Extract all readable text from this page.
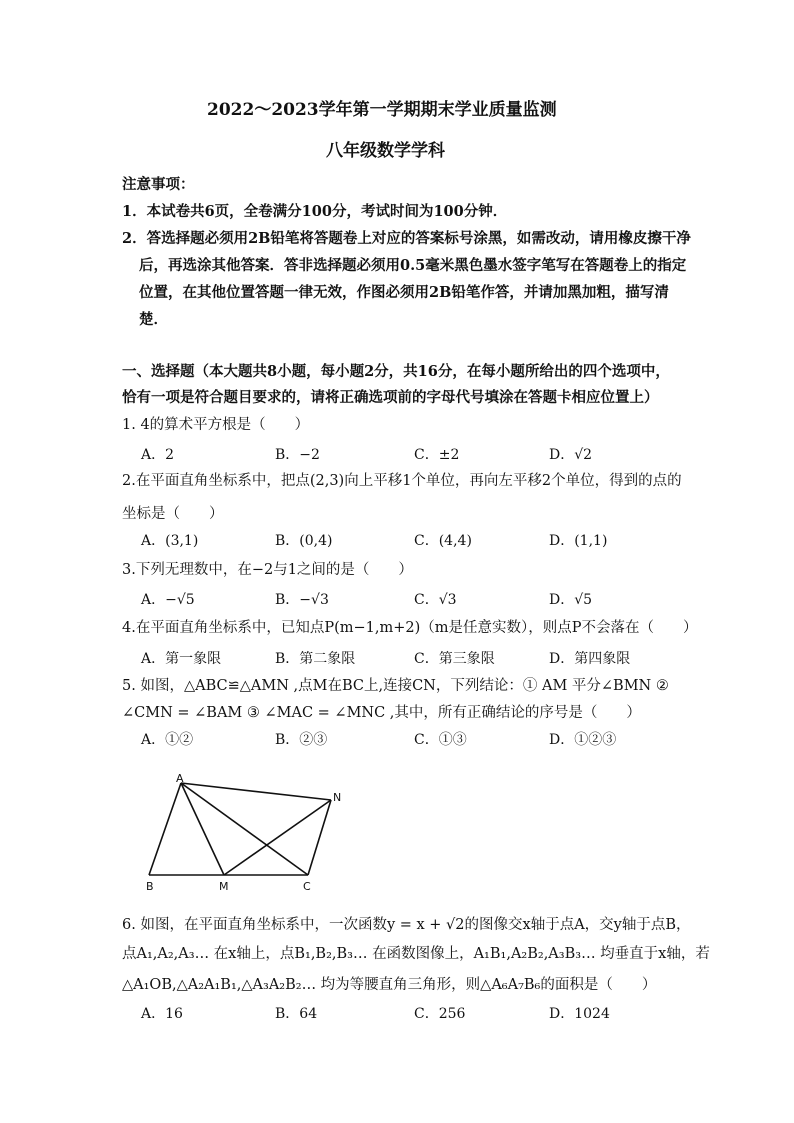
2022～2023学年第一学期期末学业质量监测
八年级数学学科
注意事项：
1．本试卷共6页，全卷满分100分，考试时间为100分钟．
2．答选择题必须用2B铅笔将答题卷上对应的答案标号涂黑，如需改动，请用橡皮擦干净
后，再选涂其他答案．答非选择题必须用0.5毫米黑色墨水签字笔写在答题卷上的指定
位置，在其他位置答题一律无效，作图必须用2B铅笔作答，并请加黑加粗，描写清
楚．
一、选择题（本大题共8小题，每小题2分，共16分，在每小题所给出的四个选项中，
恰有一项是符合题目要求的，请将正确选项前的字母代号填涂在答题卡相应位置上）
1. 4的算术平方根是（　　）
A．2	B．−2	C．±2	D．√2
2.在平面直角坐标系中，把点(2,3)向上平移1个单位，再向左平移2个单位，得到的点的
坐标是（　　）
A．(3,1)	B．(0,4)	C．(4,4)	D．(1,1)
3.下列无理数中，在−2与1之间的是（　　）
A．−√5	B．−√3	C．√3	D．√5
4.在平面直角坐标系中，已知点P(m−1,m+2)（m是任意实数），则点P不会落在（　　）
A．第一象限	B．第二象限	C．第三象限	D．第四象限
5. 如图，△ABC≌△AMN ,点M在BC上,连接CN，下列结论：① AM 平分∠BMN ②
∠CMN = ∠BAM ③ ∠MAC = ∠MNC ,其中，所有正确结论的序号是（　　）
A．①②	B．②③	C．①③	D．①②③
A
N
B	M	C
6. 如图，在平面直角坐标系中，一次函数y = x + √2的图像交x轴于点A，交y轴于点B，
点A₁,A₂,A₃… 在x轴上，点B₁,B₂,B₃… 在函数图像上，A₁B₁,A₂B₂,A₃B₃… 均垂直于x轴，若
△A₁OB,△A₂A₁B₁,△A₃A₂B₂… 均为等腰直角三角形，则△A₆A₇B₆的面积是（　　）
A．16	B．64	C．256	D．1024
